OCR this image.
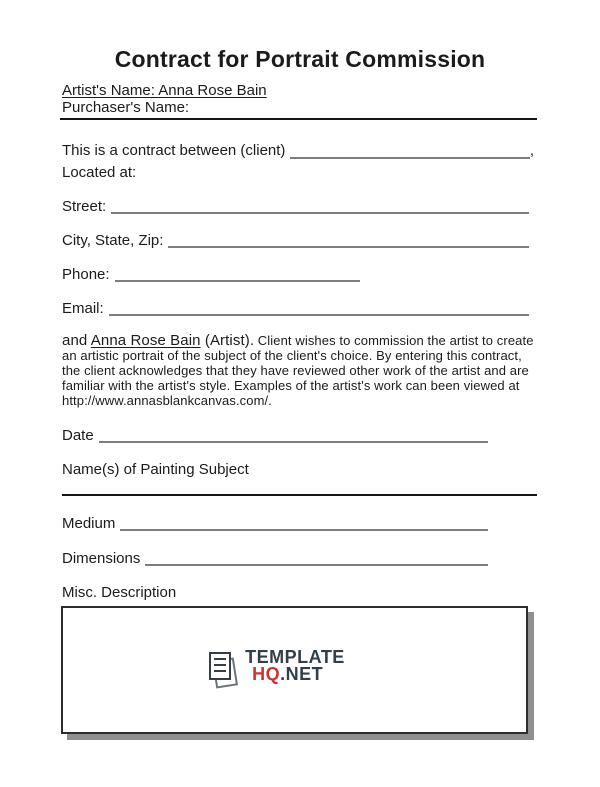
Contract for Portrait Commission
Artist's Name: Anna Rose Bain
Purchaser's Name:
This is a contract between (client)	,
Located at:
Street:
City, State, Zip:
Phone:
Email:
and Anna Rose Bain (Artist). Client wishes to commission the artist to create an artistic portrait of the subject of the client's choice. By entering this contract, the client acknowledges that they have reviewed other work of the artist and are familiar with the artist's style. Examples of the artist's work can been viewed at http://www.annasblankcanvas.com/.
Date
Name(s) of Painting Subject
Medium
Dimensions
Misc. Description
TEMPLATE
HQ.NET
